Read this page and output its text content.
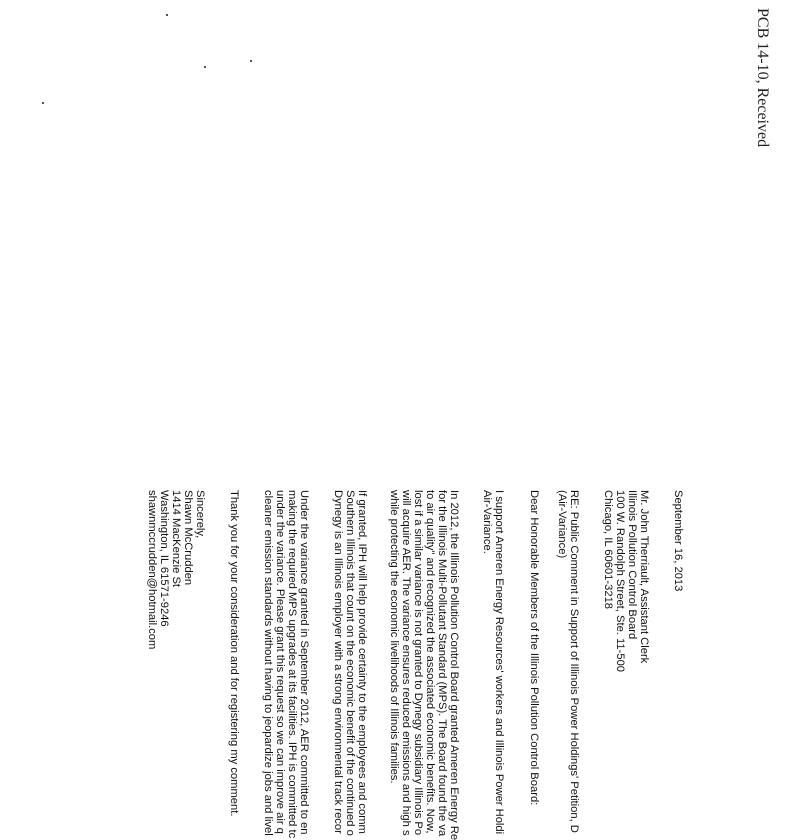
PCB 14-10, Received
September 16, 2013
Mr. John Therriault, Assistant Clerk
Illinois Pollution Control Board
100 W. Randolph Street, Ste. 11-500
Chicago, IL 60601-3218
RE: Public Comment in Support of Illinois Power Holdings' Petition, D
(Air-Variance)
Dear Honorable Members of the Illinois Pollution Control Board:
I support Ameren Energy Resources' workers and Illinois Power Holdi
Air-Variance.
In 2012, the Illinois Pollution Control Board granted Ameren Energy Re
for the Illinois Multi-Pollutant Standard (MPS). The Board found the va
to air quality" and recognized the associated economic benefits. Now,
lost if a similar variance is not granted to Dynegy subsidiary Illinois Po
will acquire AER. The variance ensures reduced emissions and high s
while protecting the economic livelihoods of Illinois families.
If granted, IPH will help provide certainty to the employees and comm
Southern Illinois that count on the economic benefit of the continued o
Dynegy is an Illinois employer with a strong environmental track recor
Under the variance granted in September 2012, AER committed to en
making the required MPS upgrades at its facilities. IPH is committed tc
under the variance. Please grant this request so we can improve air q
cleaner emission standards without having to jeopardize jobs and livel
Thank you for your consideration and for registering my comment.
Sincerely,
Shawn McCrudden
1414 MacKenzie St
Washington, IL 61571-9246
shawnmccrudden@hotmail.com
